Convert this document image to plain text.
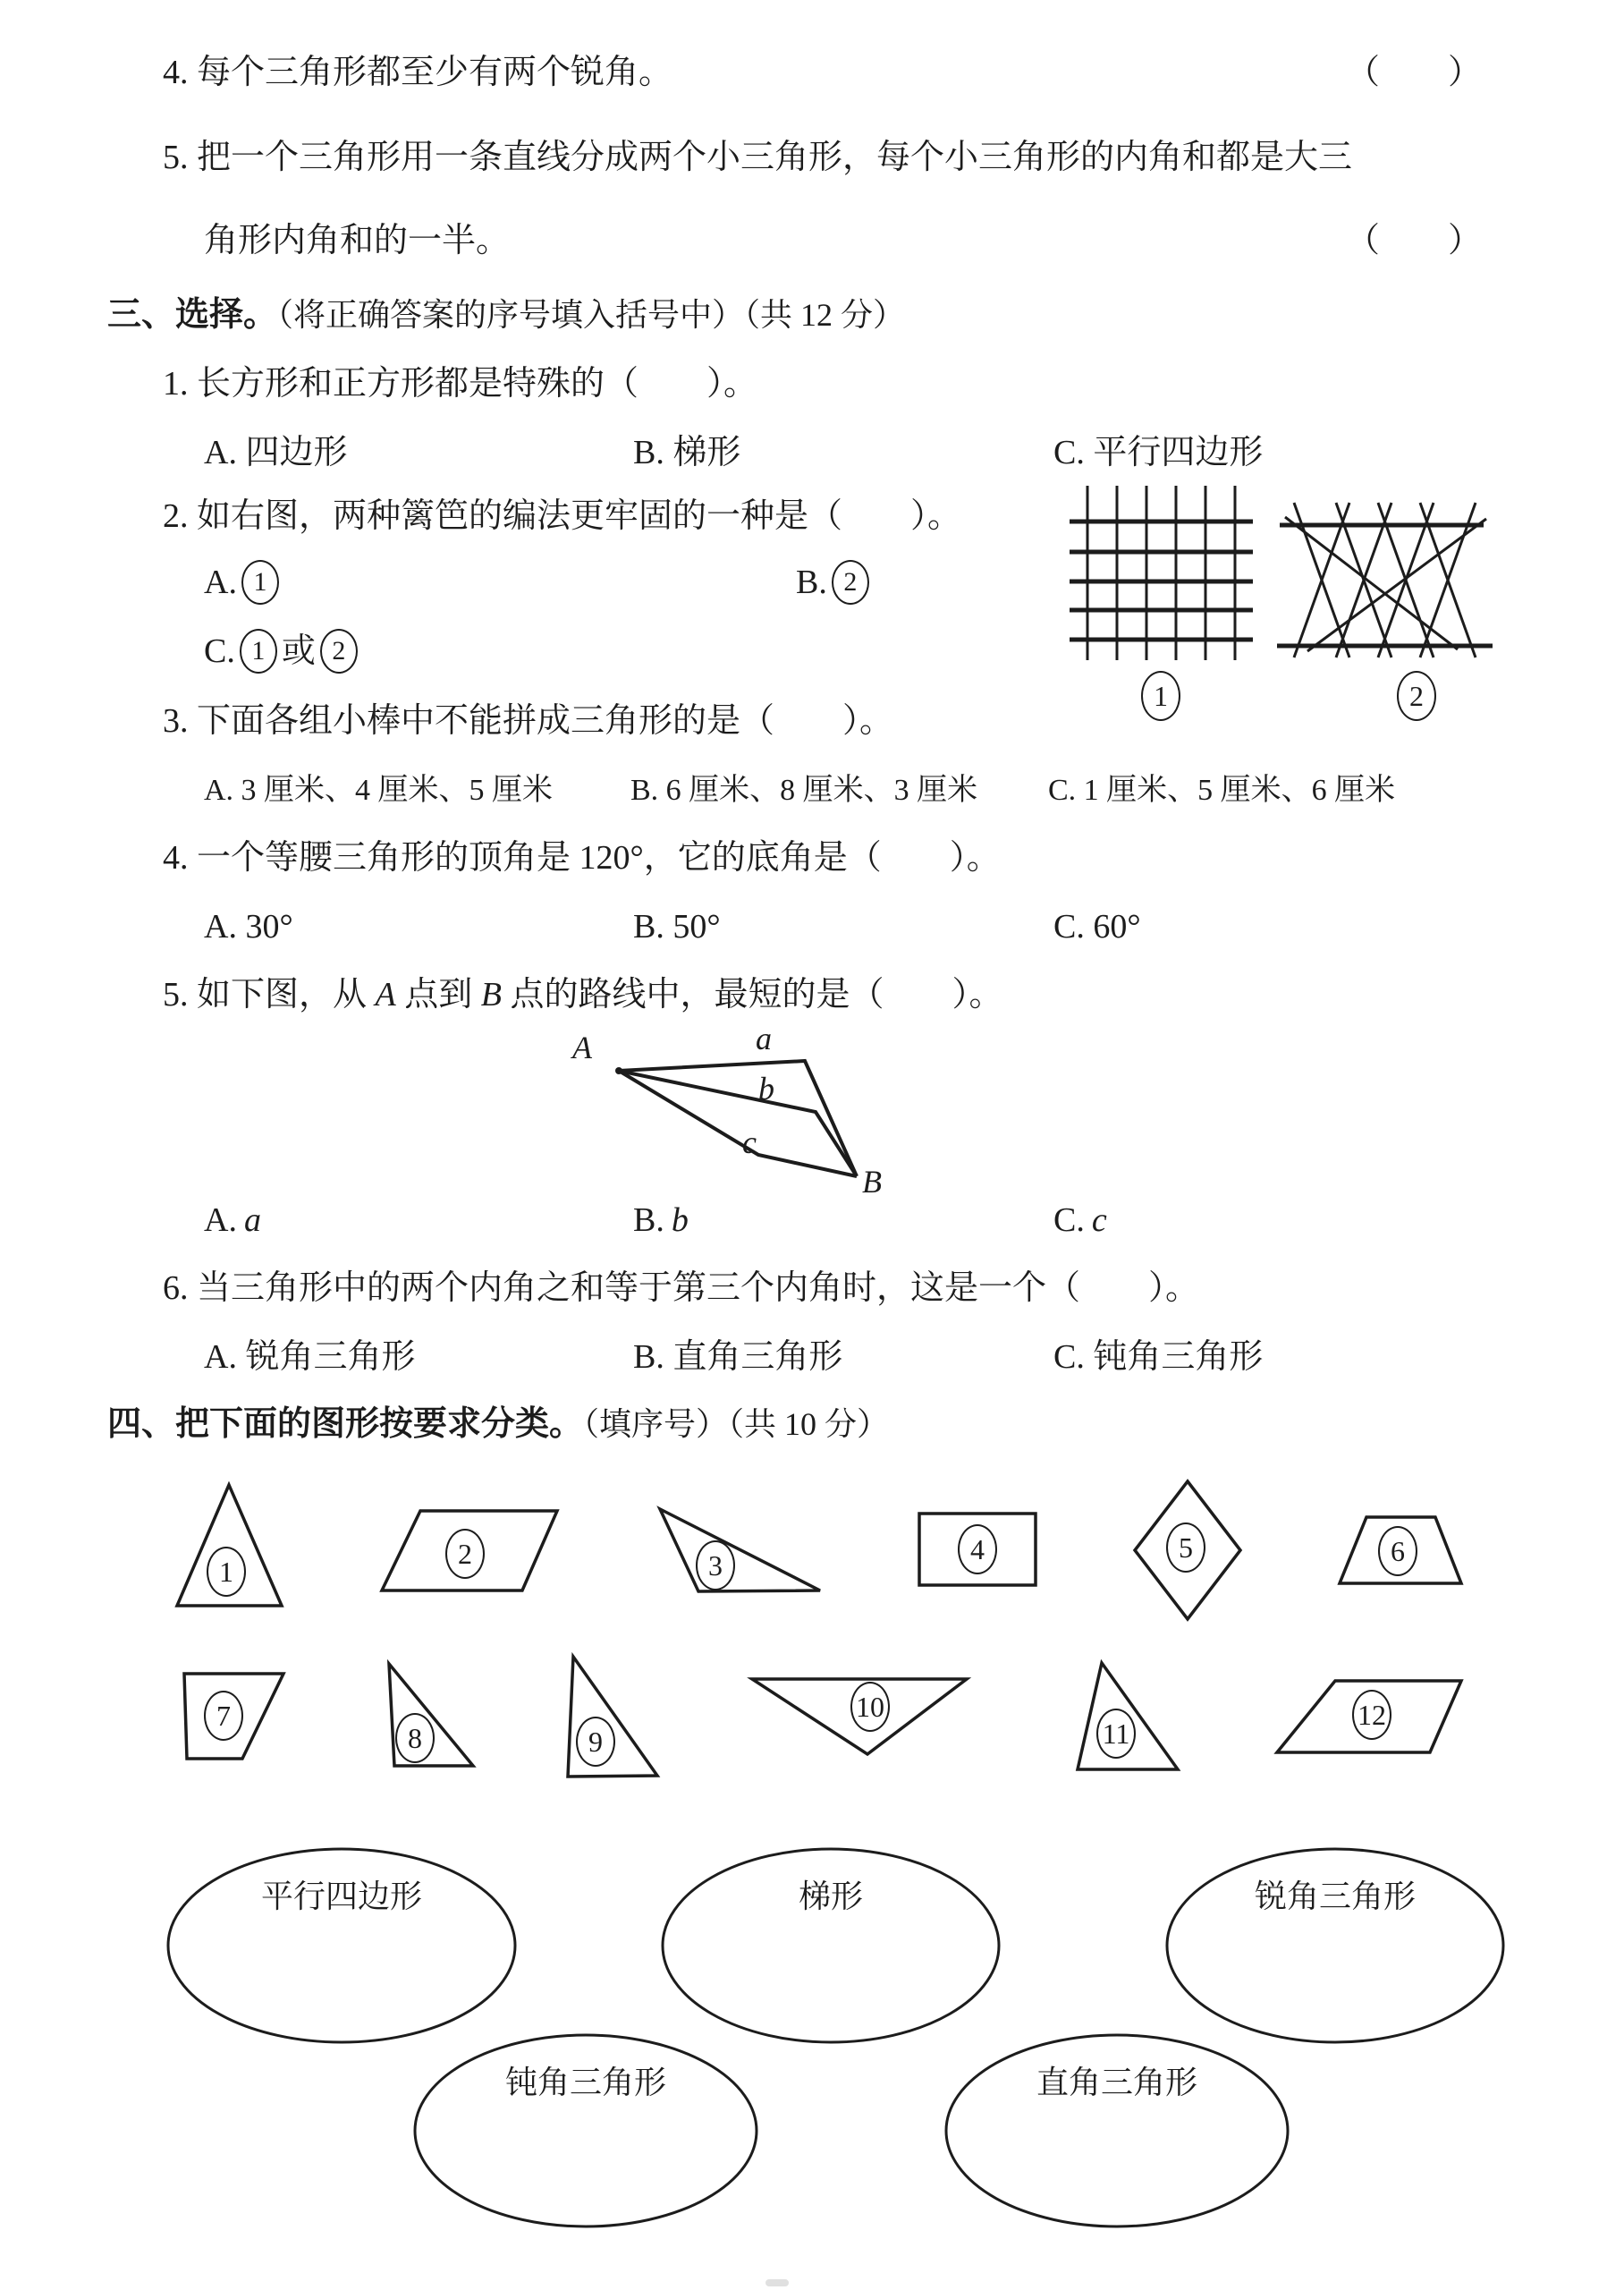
4. 每个三角形都至少有两个锐角。	（　　）
5. 把一个三角形用一条直线分成两个小三角形，每个小三角形的内角和都是大三
角形内角和的一半。	（　　）
三、选择。（将正确答案的序号填入括号中）（共 12 分）
1. 长方形和正方形都是特殊的（　　）。
A. 四边形	B. 梯形	C. 平行四边形
2. 如右图，两种篱笆的编法更牢固的一种是（　　）。
A. 1	B. 2
C. 1 或 2
1	2
3. 下面各组小棒中不能拼成三角形的是（　　）。
A. 3 厘米、4 厘米、5 厘米	B. 6 厘米、8 厘米、3 厘米 C. 1 厘米、5 厘米、6 厘米
4. 一个等腰三角形的顶角是 120°，它的底角是（　　）。
A. 30°	B. 50°	C. 60°
5. 如下图，从 A 点到 B 点的路线中，最短的是（　　）。
A	a
b
c
B
A. a	B. b	C. c
6. 当三角形中的两个内角之和等于第三个内角时，这是一个（　　）。
A. 锐角三角形	B. 直角三角形	C. 钝角三角形
四、把下面的图形按要求分类。（填序号）（共 10 分）
1
2	3	4	5	6
7
8	9
10
11
12
平行四边形	梯形	锐角三角形
钝角三角形	直角三角形
